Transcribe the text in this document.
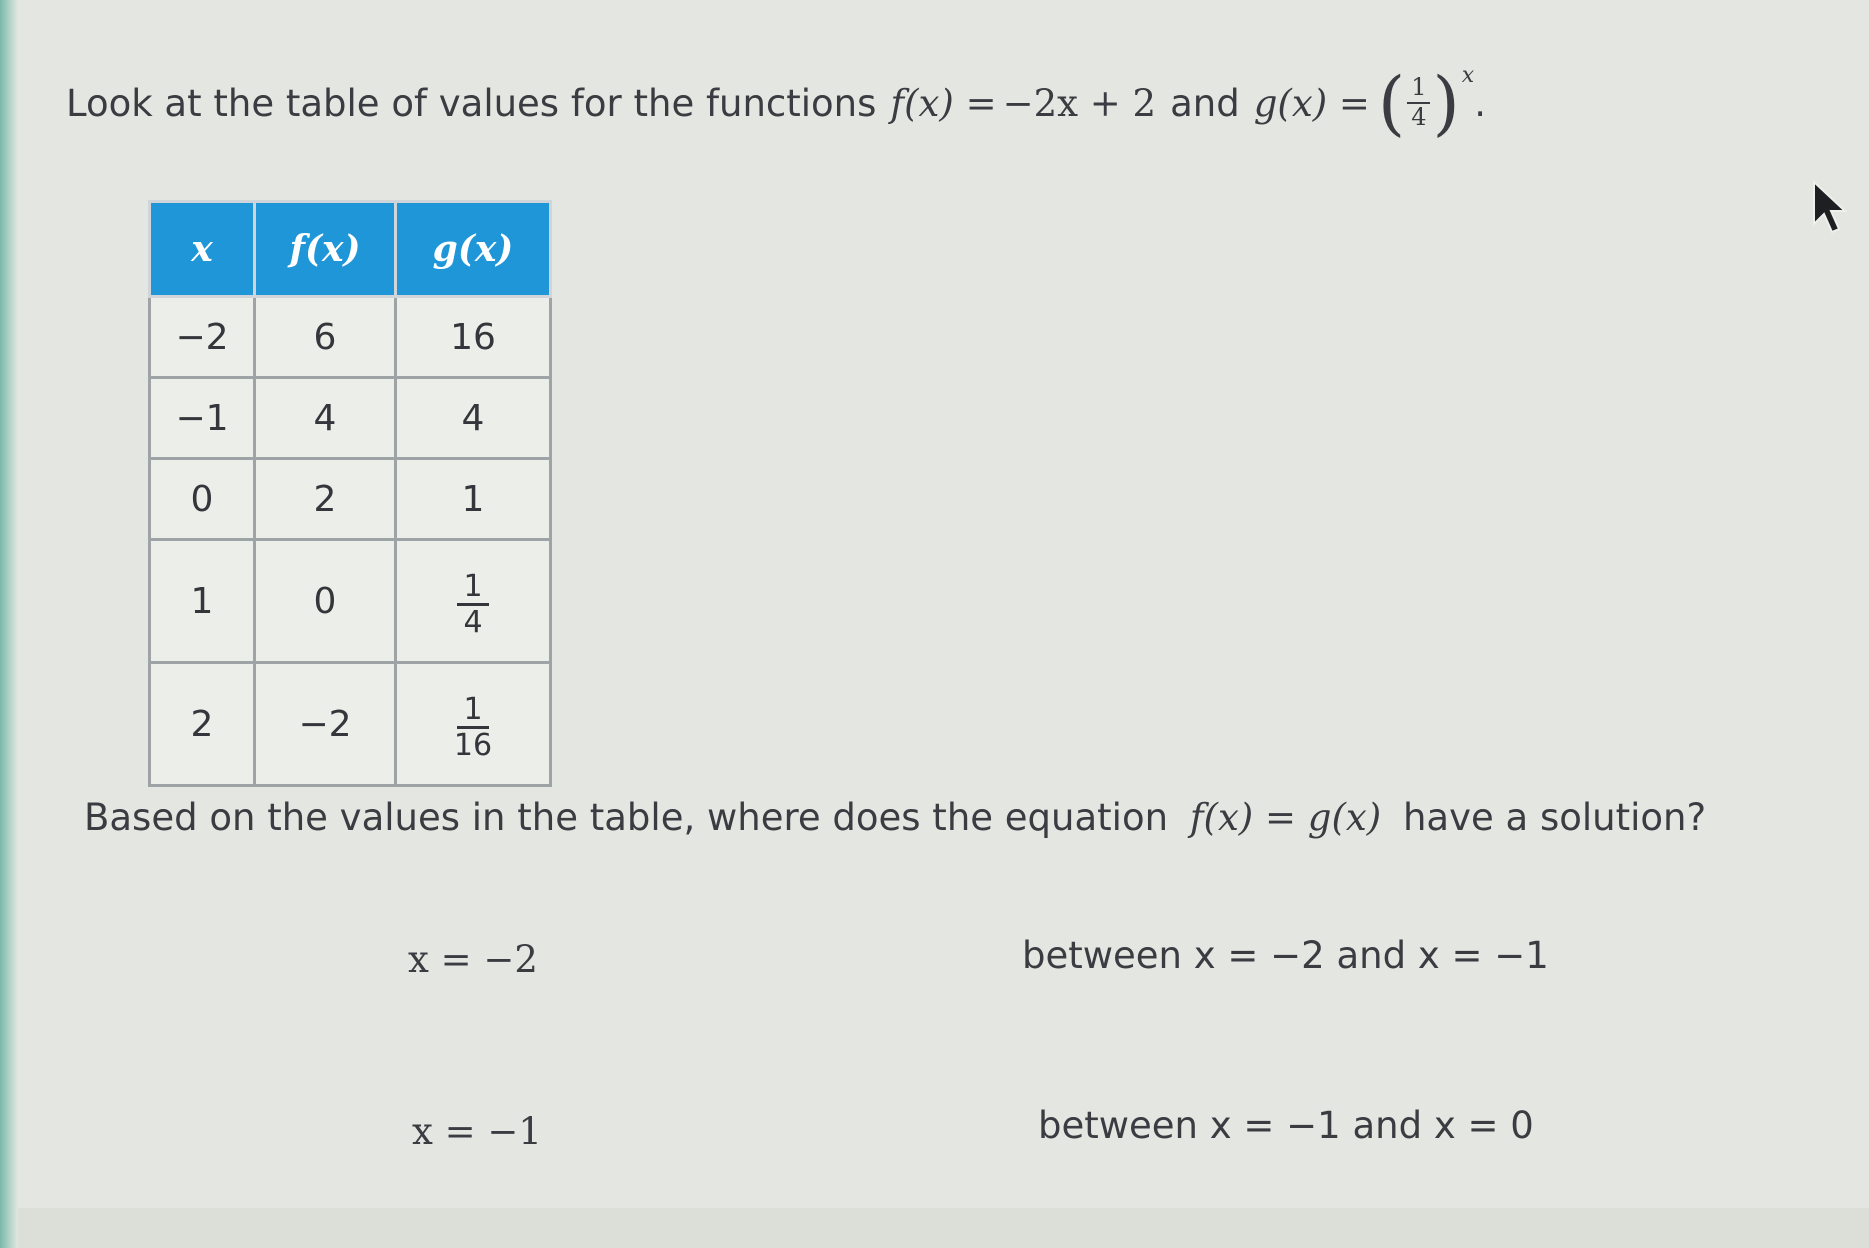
Look at the table of values for the functions f(x) = −2x + 2 and g(x) = ( $\frac{1}{4}$ ) x
.
x	f(x)	g(x)
−2	6	16
−1	4	4
0	2	1
1	0	$\frac{1}{4}$

2	−2	$\frac{1}{16}$
Based on the values in the table, where does the equation f(x) = g(x) have a solution?
x = −2	between x = −2 and x = −1
x = −1	between x = −1 and x = 0
